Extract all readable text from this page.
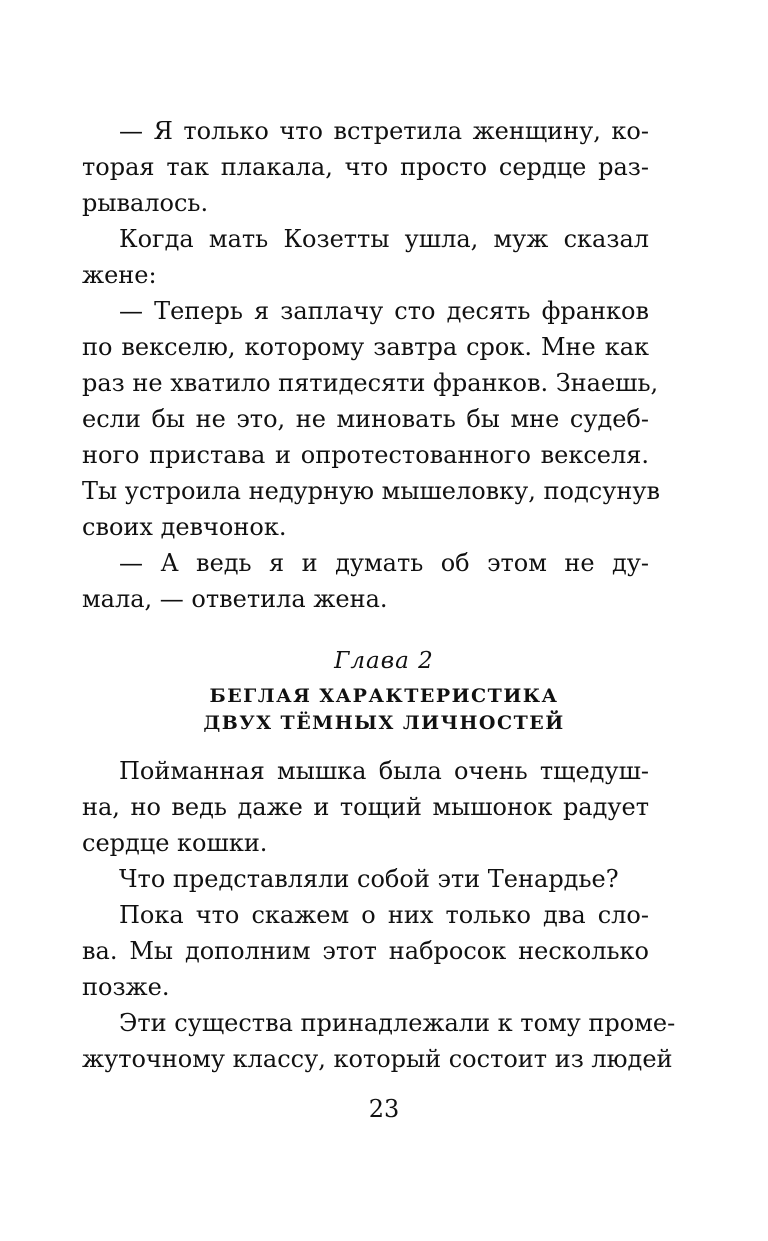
— Я только что встретила женщину, ко-
торая так плакала, что просто сердце раз-
рывалось.
Когда мать Козетты ушла, муж сказал
жене:
— Теперь я заплачу сто десять франков
по векселю, которому завтра срок. Мне как
раз не хватило пятидесяти франков. Знаешь,
если бы не это, не миновать бы мне судеб-
ного пристава и опротестованного векселя.
Ты устроила недурную мышеловку, подсунув
своих девчонок.
— А ведь я и думать об этом не ду-
мала, — ответила жена.
Глава 2
БЕГЛАЯ ХАРАКТЕРИСТИКА
ДВУХ ТЁМНЫХ ЛИЧНОСТЕЙ
Пойманная мышка была очень тщедуш-
на, но ведь даже и тощий мышонок радует
сердце кошки.
Что представляли собой эти Тенардье?
Пока что скажем о них только два сло-
ва. Мы дополним этот набросок несколько
позже.
Эти существа принадлежали к тому проме-
жуточному классу, который состоит из людей
23
